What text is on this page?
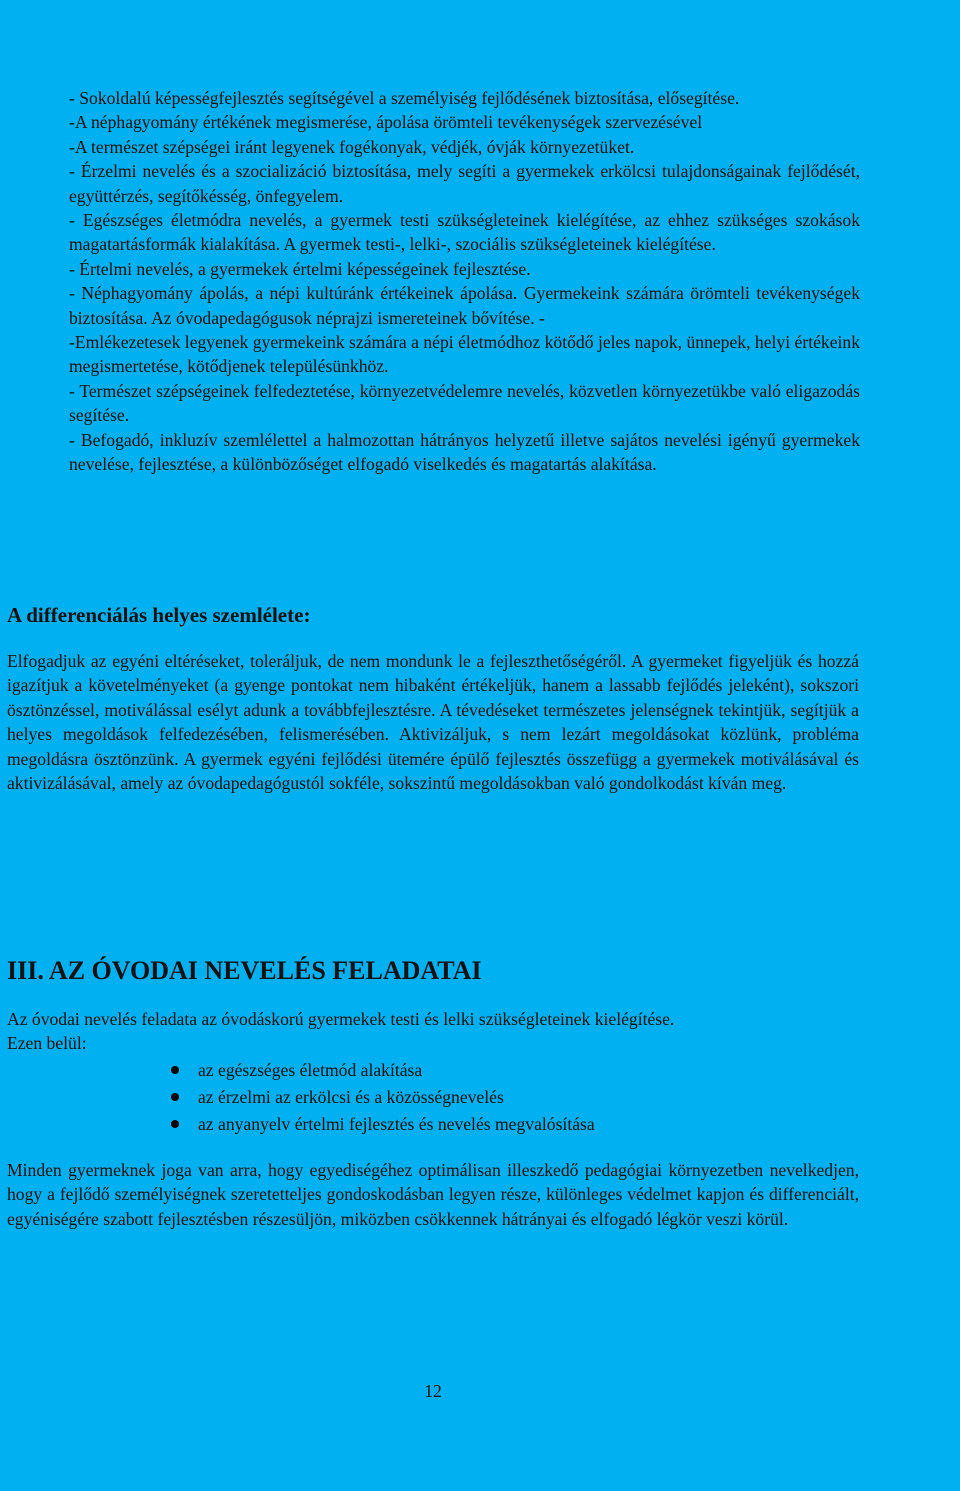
- Sokoldalú képességfejlesztés segítségével a személyiség fejlődésének biztosítása, elősegítése.

-A néphagyomány értékének megismerése, ápolása örömteli tevékenységek szervezésével

-A természet szépségei iránt legyenek fogékonyak, védjék, óvják környezetüket.

- Érzelmi nevelés és a szocializáció biztosítása, mely segíti a gyermekek erkölcsi tulajdonságainak fejlődését, együttérzés, segítőkésség, önfegyelem.

- Egészséges életmódra nevelés, a gyermek testi szükségleteinek kielégítése, az ehhez szükséges szokások magatartásformák kialakítása. A gyermek testi-, lelki-, szociális szükségleteinek kielégítése.

- Értelmi nevelés, a gyermekek értelmi képességeinek fejlesztése.

- Néphagyomány ápolás, a népi kultúránk értékeinek ápolása. Gyermekeink számára örömteli tevékenységek biztosítása. Az óvodapedagógusok néprajzi ismereteinek bővítése. -

-Emlékezetesek legyenek gyermekeink számára a népi életmódhoz kötődő jeles napok, ünnepek, helyi értékeink megismertetése, kötődjenek településünkhöz.

- Természet szépségeinek felfedeztetése, környezetvédelemre nevelés, közvetlen környezetükbe való eligazodás segítése.

- Befogadó, inkluzív szemlélettel a halmozottan hátrányos helyzetű illetve sajátos nevelési igényű gyermekek nevelése, fejlesztése, a különbözőséget elfogadó viselkedés és magatartás alakítása.

A differenciálás helyes szemlélete:

Elfogadjuk az egyéni eltéréseket, toleráljuk, de nem mondunk le a fejleszthetőségéről. A gyermeket figyeljük és hozzá igazítjuk a követelményeket (a gyenge pontokat nem hibaként értékeljük, hanem a lassabb fejlődés jeleként), sokszori ösztönzéssel, motiválással esélyt adunk a továbbfejlesztésre. A tévedéseket természetes jelenségnek tekintjük, segítjük a helyes megoldások felfedezésében, felismerésében. Aktivizáljuk, s nem lezárt megoldásokat közlünk, probléma megoldásra ösztönzünk. A gyermek egyéni fejlődési ütemére épülő fejlesztés összefügg a gyermekek motiválásával és aktivizálásával, amely az óvodapedagógustól sokféle, sokszintű megoldásokban való gondolkodást kíván meg.

III. AZ ÓVODAI NEVELÉS FELADATAI

Az óvodai nevelés feladata az óvodáskorú gyermekek testi és lelki szükségleteinek kielégítése.

Ezen belül:

az egészséges életmód alakítása
az érzelmi az erkölcsi és a közösségnevelés
az anyanyelv értelmi fejlesztés és nevelés megvalósítása

Minden gyermeknek joga van arra, hogy egyediségéhez optimálisan illeszkedő pedagógiai környezetben nevelkedjen, hogy a fejlődő személyiségnek szeretetteljes gondoskodásban legyen része, különleges védelmet kapjon és differenciált, egyéniségére szabott fejlesztésben részesüljön, miközben csökkennek hátrányai és elfogadó légkör veszi körül.

12
